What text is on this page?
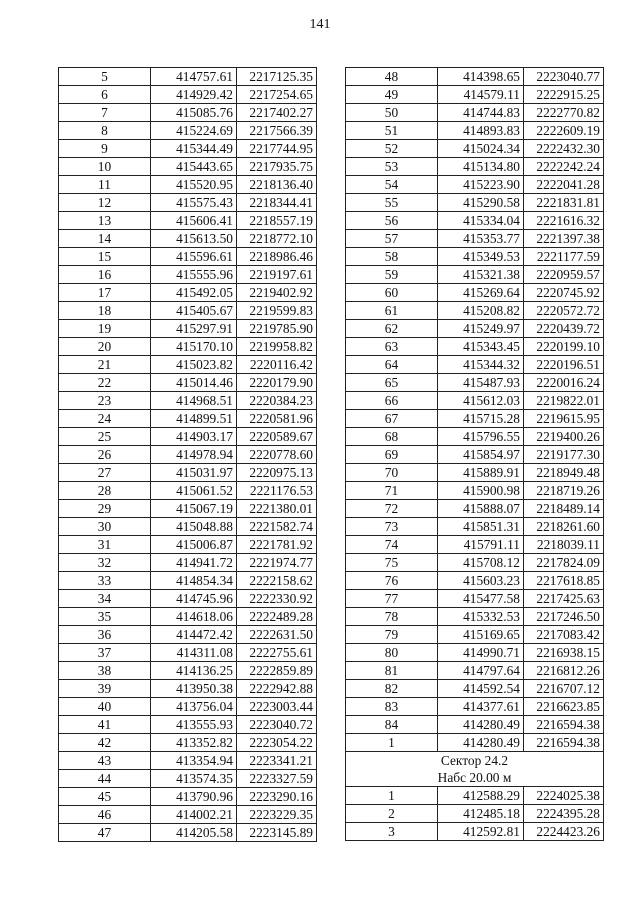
141
5	414757.61	2217125.35
6	414929.42	2217254.65
7	415085.76	2217402.27
8	415224.69	2217566.39
9	415344.49	2217744.95
10	415443.65	2217935.75
11	415520.95	2218136.40
12	415575.43	2218344.41
13	415606.41	2218557.19
14	415613.50	2218772.10
15	415596.61	2218986.46
16	415555.96	2219197.61
17	415492.05	2219402.92
18	415405.67	2219599.83
19	415297.91	2219785.90
20	415170.10	2219958.82
21	415023.82	2220116.42
22	415014.46	2220179.90
23	414968.51	2220384.23
24	414899.51	2220581.96
25	414903.17	2220589.67
26	414978.94	2220778.60
27	415031.97	2220975.13
28	415061.52	2221176.53
29	415067.19	2221380.01
30	415048.88	2221582.74
31	415006.87	2221781.92
32	414941.72	2221974.77
33	414854.34	2222158.62
34	414745.96	2222330.92
35	414618.06	2222489.28
36	414472.42	2222631.50
37	414311.08	2222755.61
38	414136.25	2222859.89
39	413950.38	2222942.88
40	413756.04	2223003.44
41	413555.93	2223040.72
42	413352.82	2223054.22
43	413354.94	2223341.21
44	413574.35	2223327.59
45	413790.96	2223290.16
46	414002.21	2223229.35
47	414205.58	2223145.89
48	414398.65	2223040.77
49	414579.11	2222915.25
50	414744.83	2222770.82
51	414893.83	2222609.19
52	415024.34	2222432.30
53	415134.80	2222242.24
54	415223.90	2222041.28
55	415290.58	2221831.81
56	415334.04	2221616.32
57	415353.77	2221397.38
58	415349.53	2221177.59
59	415321.38	2220959.57
60	415269.64	2220745.92
61	415208.82	2220572.72
62	415249.97	2220439.72
63	415343.45	2220199.10
64	415344.32	2220196.51
65	415487.93	2220016.24
66	415612.03	2219822.01
67	415715.28	2219615.95
68	415796.55	2219400.26
69	415854.97	2219177.30
70	415889.91	2218949.48
71	415900.98	2218719.26
72	415888.07	2218489.14
73	415851.31	2218261.60
74	415791.11	2218039.11
75	415708.12	2217824.09
76	415603.23	2217618.85
77	415477.58	2217425.63
78	415332.53	2217246.50
79	415169.65	2217083.42
80	414990.71	2216938.15
81	414797.64	2216812.26
82	414592.54	2216707.12
83	414377.61	2216623.85
84	414280.49	2216594.38
1	414280.49	2216594.38
Сектор 24.2		
Набс 20.00 м		
1	412588.29	2224025.38
2	412485.18	2224395.28
3	412592.81	2224423.26
